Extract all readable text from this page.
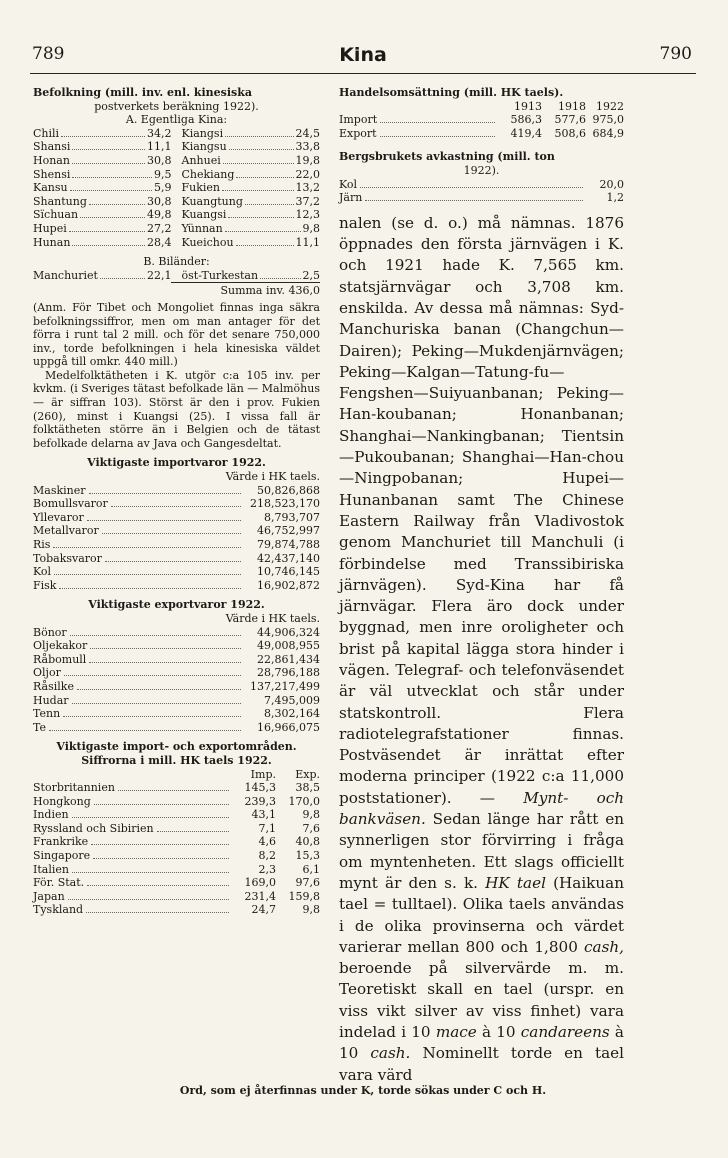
789	Kina	790
Befolkning (mill. inv. enl. kinesiska
postverkets beräkning 1922).
A. Egentliga Kina:
Chili	34,2
Shansi	11,1
Honan	30,8
Shensi	9,5
Kansu	5,9
Shantung	30,8
Sïchuan	49,8
Hupei	27,2
Hunan	28,4
Kiangsi	24,5
Kiangsu	33,8
Anhuei	19,8
Chekiang	22,0
Fukien	13,2
Kuangtung	37,2
Kuangsi	12,3
Yünnan	9,8
Kueichou	11,1
B. Biländer:
Manchuriet	22,1 öst-Turkestan	2,5
Summa inv. 436,0
(Anm. För Tibet och Mongoliet finnas inga säkra befolkningssiffror, men om man antager för det förra i runt tal 2 mill. och för det senare 750,000 inv., torde befolkningen i hela kinesiska väldet uppgå till omkr. 440 mill.)
Medelfolktätheten i K. utgör c:a 105 inv. per kvkm. (i Sveriges tätast befolkade län — Malmöhus — är siffran 103). Störst är den i prov. Fukien (260), minst i Kuangsi (25). I vissa fall är folktätheten större än i Belgien och de tätast befolkade delarna av Java och Gangesdeltat.
Viktigaste importvaror 1922.
Värde i HK taels.
Maskiner	50,826,868
Bomullsvaror	218,523,170
Yllevaror	8,793,707
Metallvaror	46,752,997
Ris	79,874,788
Tobaksvaror	42,437,140
Kol	10,746,145
Fisk	16,902,872
Viktigaste exportvaror 1922.
Värde i HK taels.
Bönor	44,906,324
Oljekakor	49,008,955
Råbomull	22,861,434
Oljor	28,796,188
Råsilke	137,217,499
Hudar	7,495,009
Tenn	8,302,164
Te	16,966,075
Viktigaste import- och exportområden.
Siffrorna i mill. HK taels 1922.
Imp.	Exp.
Storbritannien	145,3	38,5
Hongkong	239,3	170,0
Indien	43,1	9,8
Ryssland och Sibirien	7,1	7,6
Frankrike	4,6	40,8
Singapore	8,2	15,3
Italien	2,3	6,1
För. Stat.	169,0	97,6
Japan	231,4	159,8
Tyskland	24,7	9,8
Handelsomsättning (mill. HK taels).
1913	1918 1922
Import	586,3	577,6 975,0
Export	419,4	508,6 684,9
Bergsbrukets avkastning (mill. ton
1922).
Kol	20,0
Järn	1,2
nalen (se d. o.) må nämnas. 1876 öppnades den första järnvägen i K. och 1921 hade K. 7,565 km. statsjärnvägar och 3,708 km. enskilda. Av dessa må nämnas: Syd-Manchuriska banan (Changchun—Dairen); Peking—Mukdenjärnvägen; Peking—Kalgan—Tatung-fu—Fengshen—Suiyuanbanan; Peking—Han-koubanan; Honanbanan; Shanghai—Nankingbanan; Tientsin—Pukoubanan; Shanghai—Han-chou—Ningpobanan; Hupei—Hunanbanan samt The Chinese Eastern Railway från Vladivostok genom Manchuriet till Manchuli (i förbindelse med Transsibiriska järnvägen). Syd-Kina har få järnvägar. Flera äro dock under byggnad, men inre oroligheter och brist på kapital lägga stora hinder i vägen. Telegraf- och telefonväsendet är väl utvecklat och står under statskontroll. Flera radiotelegrafstationer finnas. Postväsendet är inrättat efter moderna principer (1922 c:a 11,000 poststationer). — Mynt- och bankväsen. Sedan länge har rått en synnerligen stor förvirring i fråga om myntenheten. Ett slags officiellt mynt är den s. k. HK tael (Haikuan tael = tulltael). Olika taels användas i de olika provinserna och värdet varierar mellan 800 och 1,800 cash, beroende på silvervärde m. m. Teoretiskt skall en tael (urspr. en viss vikt silver av viss finhet) vara indelad i 10 mace à 10 candareens à 10 cash. Nominellt torde en tael vara värd
Ord, som ej återfinnas under K, torde sökas under C och H.
